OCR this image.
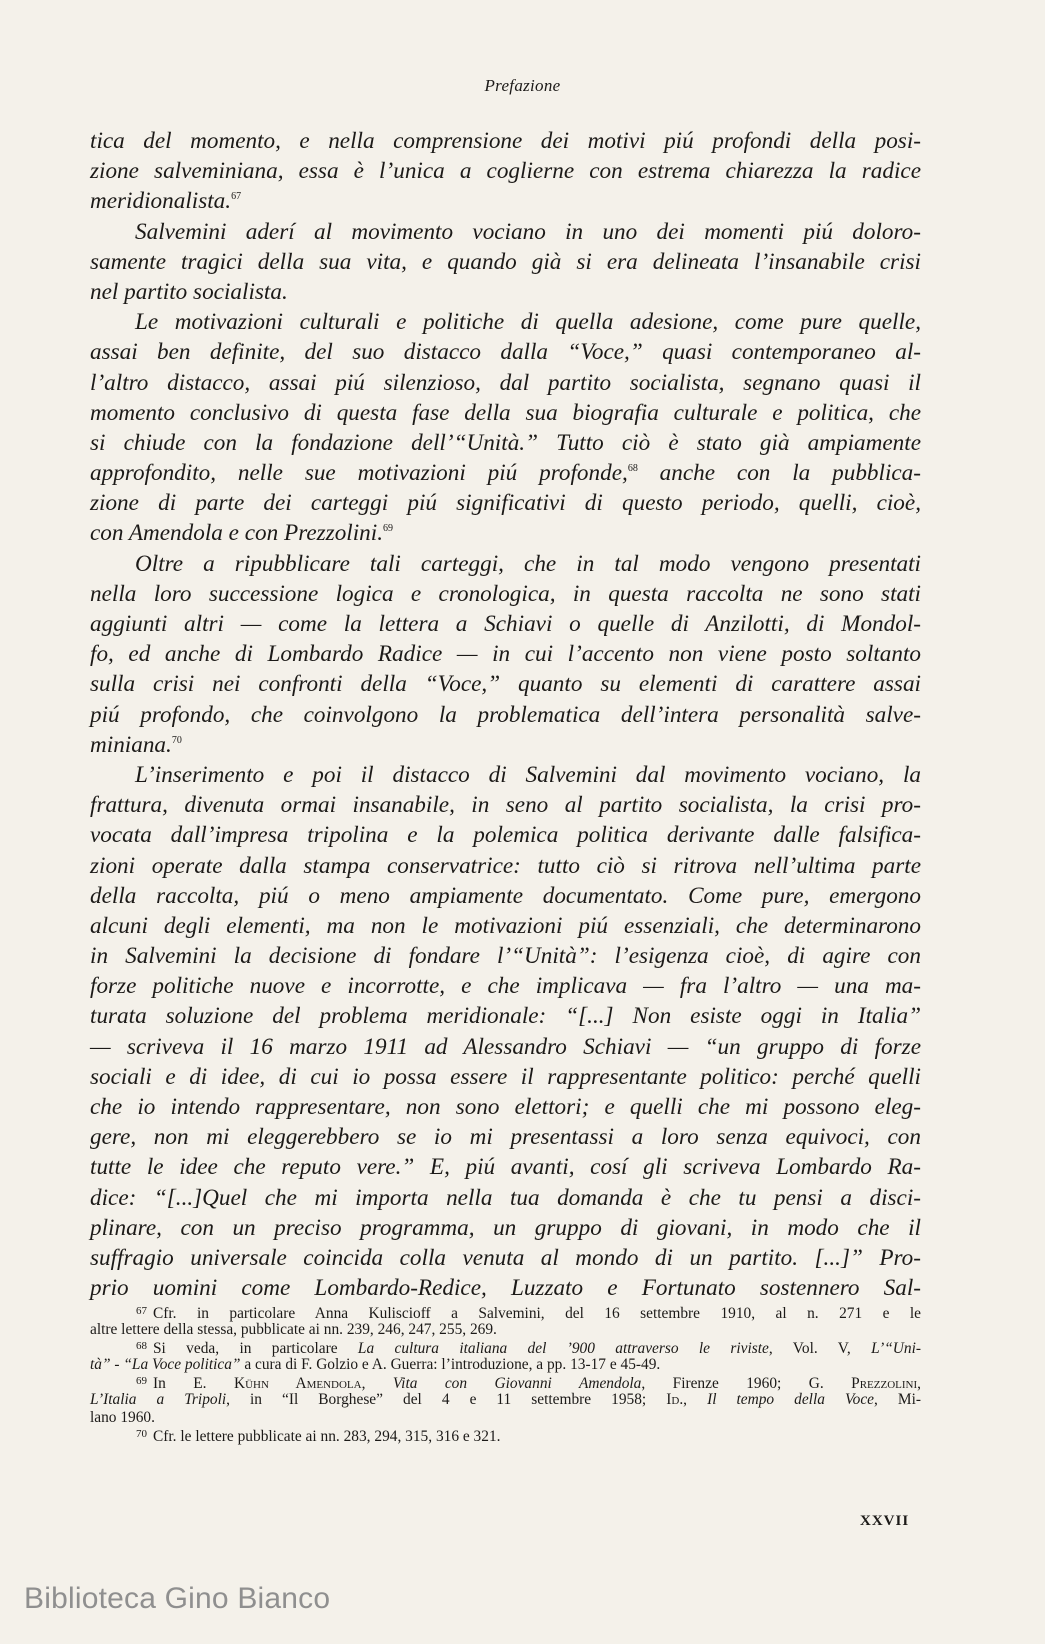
Prefazione
tica del momento, e nella comprensione dei motivi piú profondi della posi-
zione salveminiana, essa è l’unica a coglierne con estrema chiarezza la radice
meridionalista.$^{67}$
Salvemini aderí al movimento vociano in uno dei momenti piú doloro-
samente tragici della sua vita, e quando già si era delineata l’insanabile crisi
nel partito socialista.
Le motivazioni culturali e politiche di quella adesione, come pure quelle,
assai ben definite, del suo distacco dalla “Voce,” quasi contemporaneo al-
l’altro distacco, assai piú silenzioso, dal partito socialista, segnano quasi il
momento conclusivo di questa fase della sua biografia culturale e politica, che
si chiude con la fondazione dell’“Unità.” Tutto ciò è stato già ampiamente
approfondito, nelle sue motivazioni piú profonde,$^{68}$ anche con la pubblica-
zione di parte dei carteggi piú significativi di questo periodo, quelli, cioè,
con Amendola e con Prezzolini.$^{69}$
Oltre a ripubblicare tali carteggi, che in tal modo vengono presentati
nella loro successione logica e cronologica, in questa raccolta ne sono stati
aggiunti altri — come la lettera a Schiavi o quelle di Anzilotti, di Mondol-
fo, ed anche di Lombardo Radice — in cui l’accento non viene posto soltanto
sulla crisi nei confronti della “Voce,” quanto su elementi di carattere assai
piú profondo, che coinvolgono la problematica dell’intera personalità salve-
miniana.$^{70}$
L’inserimento e poi il distacco di Salvemini dal movimento vociano, la
frattura, divenuta ormai insanabile, in seno al partito socialista, la crisi pro-
vocata dall’impresa tripolina e la polemica politica derivante dalle falsifica-
zioni operate dalla stampa conservatrice: tutto ciò si ritrova nell’ultima parte
della raccolta, piú o meno ampiamente documentato. Come pure, emergono
alcuni degli elementi, ma non le motivazioni piú essenziali, che determinarono
in Salvemini la decisione di fondare l’“Unità”: l’esigenza cioè, di agire con
forze politiche nuove e incorrotte, e che implicava — fra l’altro — una ma-
turata soluzione del problema meridionale: “[...] Non esiste oggi in Italia”
— scriveva il 16 marzo 1911 ad Alessandro Schiavi — “un gruppo di forze
sociali e di idee, di cui io possa essere il rappresentante politico: perché quelli
che io intendo rappresentare, non sono elettori; e quelli che mi possono eleg-
gere, non mi eleggerebbero se io mi presentassi a loro senza equivoci, con
tutte le idee che reputo vere.” E, piú avanti, cosí gli scriveva Lombardo Ra-
dice: “[...]Quel che mi importa nella tua domanda è che tu pensi a disci-
plinare, con un preciso programma, un gruppo di giovani, in modo che il
suffragio universale coincida colla venuta al mondo di un partito. [...]” Pro-
prio uomini come Lombardo-Redice, Luzzato e Fortunato sostennero Sal-
$^{67}$ Cfr. in particolare Anna Kuliscioff a Salvemini, del 16 settembre 1910, al n. 271 e le
altre lettere della stessa, pubblicate ai nn. 239, 246, 247, 255, 269.
$^{68}$ Si veda, in particolare La cultura italiana del ’900 attraverso le riviste, Vol. V, L’“Uni-
tà” - “La Voce politica” a cura di F. Golzio e A. Guerra: l’introduzione, a pp. 13-17 e 45-49.
$^{69}$ In E. Kühn Amendola, Vita con Giovanni Amendola, Firenze 1960; G. Prezzolini,
L’Italia a Tripoli, in “Il Borghese” del 4 e 11 settembre 1958; Id., Il tempo della Voce, Mi-
lano 1960.
$^{70}$ Cfr. le lettere pubblicate ai nn. 283, 294, 315, 316 e 321.
XXVII
Biblioteca Gino Bianco
